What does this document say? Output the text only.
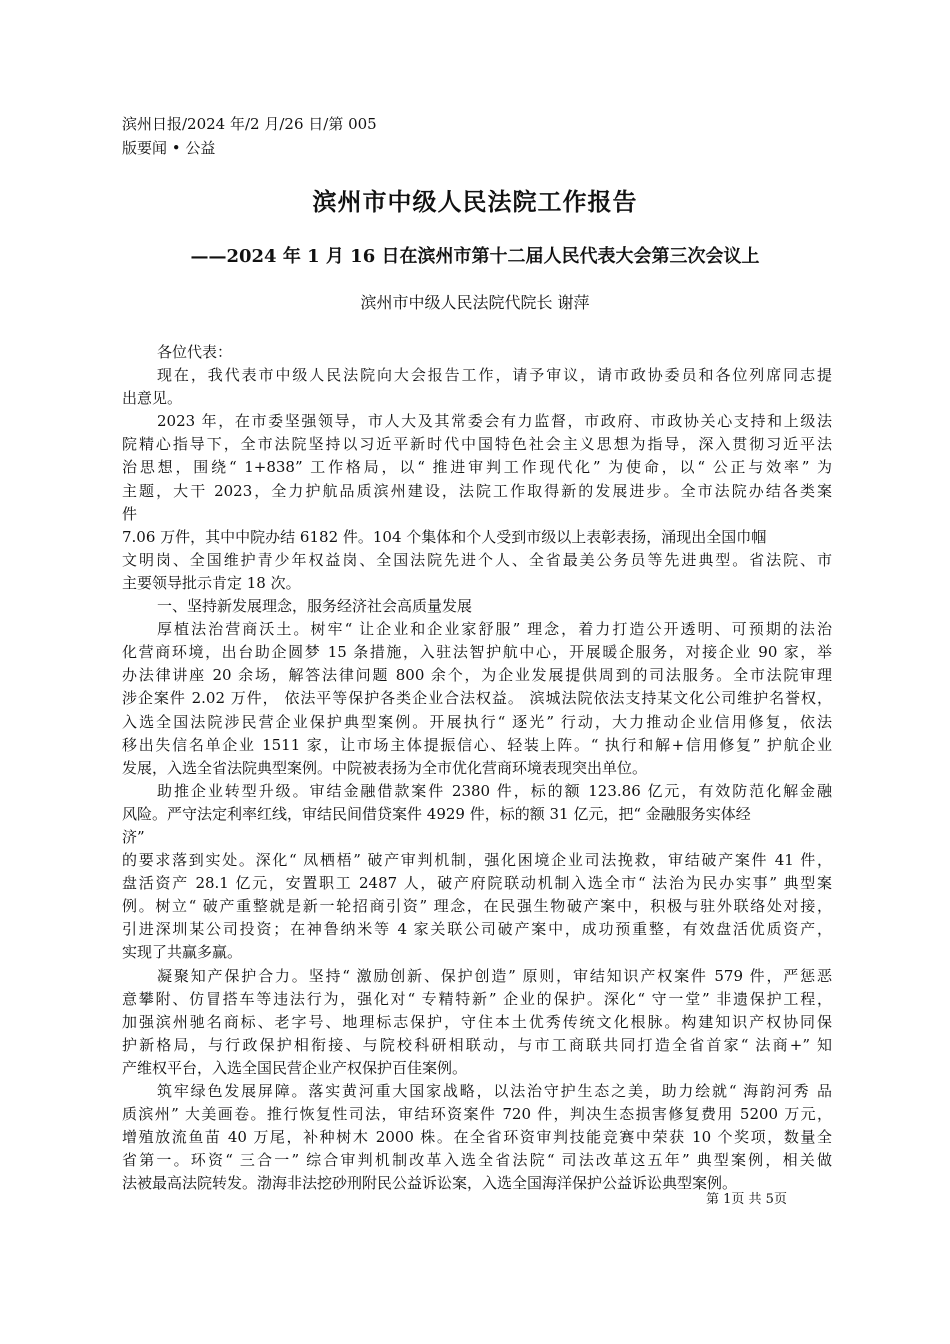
滨州日报/2024 年/2 月/26 日/第 005
版要闻 • 公益
滨州市中级人民法院工作报告
——2024 年 1 月 16 日在滨州市第十二届人民代表大会第三次会议上
滨州市中级人民法院代院长 谢萍
各位代表：
现在，我代表市中级人民法院向大会报告工作，请予审议，请市政协委员和各位列席同志提
出意见。
2023 年，在市委坚强领导，市人大及其常委会有力监督，市政府、市政协关心支持和上级法
院精心指导下，全市法院坚持以习近平新时代中国特色社会主义思想为指导，深入贯彻习近平法
治思想，围绕“ 1+838” 工作格局，以“ 推进审判工作现代化” 为使命，以“ 公正与效率” 为
主题，大干 2023，全力护航品质滨州建设，法院工作取得新的发展进步。全市法院办结各类案
件
7.06 万件，其中中院办结 6182 件。104 个集体和个人受到市级以上表彰表扬，涌现出全国巾帼
文明岗、全国维护青少年权益岗、全国法院先进个人、全省最美公务员等先进典型。省法院、市
主要领导批示肯定 18 次。
一、坚持新发展理念，服务经济社会高质量发展
厚植法治营商沃土。树牢“ 让企业和企业家舒服” 理念，着力打造公开透明、可预期的法治
化营商环境，出台助企圆梦 15 条措施，入驻法智护航中心，开展暖企服务，对接企业 90 家，举
办法律讲座 20 余场，解答法律问题 800 余个，为企业发展提供周到的司法服务。全市法院审理
涉企案件 2.02 万件， 依法平等保护各类企业合法权益。 滨城法院依法支持某文化公司维护名誉权，
入选全国法院涉民营企业保护典型案例。开展执行“ 逐光” 行动，大力推动企业信用修复，依法
移出失信名单企业 1511 家，让市场主体提振信心、轻装上阵。“ 执行和解+信用修复” 护航企业
发展，入选全省法院典型案例。中院被表扬为全市优化营商环境表现突出单位。
助推企业转型升级。审结金融借款案件 2380 件，标的额 123.86 亿元，有效防范化解金融
风险。严守法定利率红线，审结民间借贷案件 4929 件，标的额 31 亿元，把“ 金融服务实体经
济”
的要求落到实处。深化“ 凤栖梧” 破产审判机制，强化困境企业司法挽救，审结破产案件 41 件，
盘活资产 28.1 亿元，安置职工 2487 人，破产府院联动机制入选全市“ 法治为民办实事” 典型案
例。树立“ 破产重整就是新一轮招商引资” 理念，在民强生物破产案中，积极与驻外联络处对接，
引进深圳某公司投资；在神鲁纳米等 4 家关联公司破产案中，成功预重整，有效盘活优质资产，
实现了共赢多赢。
凝聚知产保护合力。坚持“ 激励创新、保护创造” 原则，审结知识产权案件 579 件，严惩恶
意攀附、仿冒搭车等违法行为，强化对“ 专精特新” 企业的保护。深化“ 守一堂” 非遗保护工程，
加强滨州驰名商标、老字号、地理标志保护，守住本土优秀传统文化根脉。构建知识产权协同保
护新格局，与行政保护相衔接、与院校科研相联动，与市工商联共同打造全省首家“ 法商+” 知
产维权平台，入选全国民营企业产权保护百佳案例。
筑牢绿色发展屏障。落实黄河重大国家战略，以法治守护生态之美，助力绘就“ 海韵河秀 品
质滨州” 大美画卷。推行恢复性司法，审结环资案件 720 件，判决生态损害修复费用 5200 万元，
增殖放流鱼苗 40 万尾，补种树木 2000 株。在全省环资审判技能竞赛中荣获 10 个奖项，数量全
省第一。环资“ 三合一” 综合审判机制改革入选全省法院“ 司法改革这五年” 典型案例，相关做
法被最高法院转发。渤海非法挖砂刑附民公益诉讼案，入选全国海洋保护公益诉讼典型案例。
第 1页 共 5页
